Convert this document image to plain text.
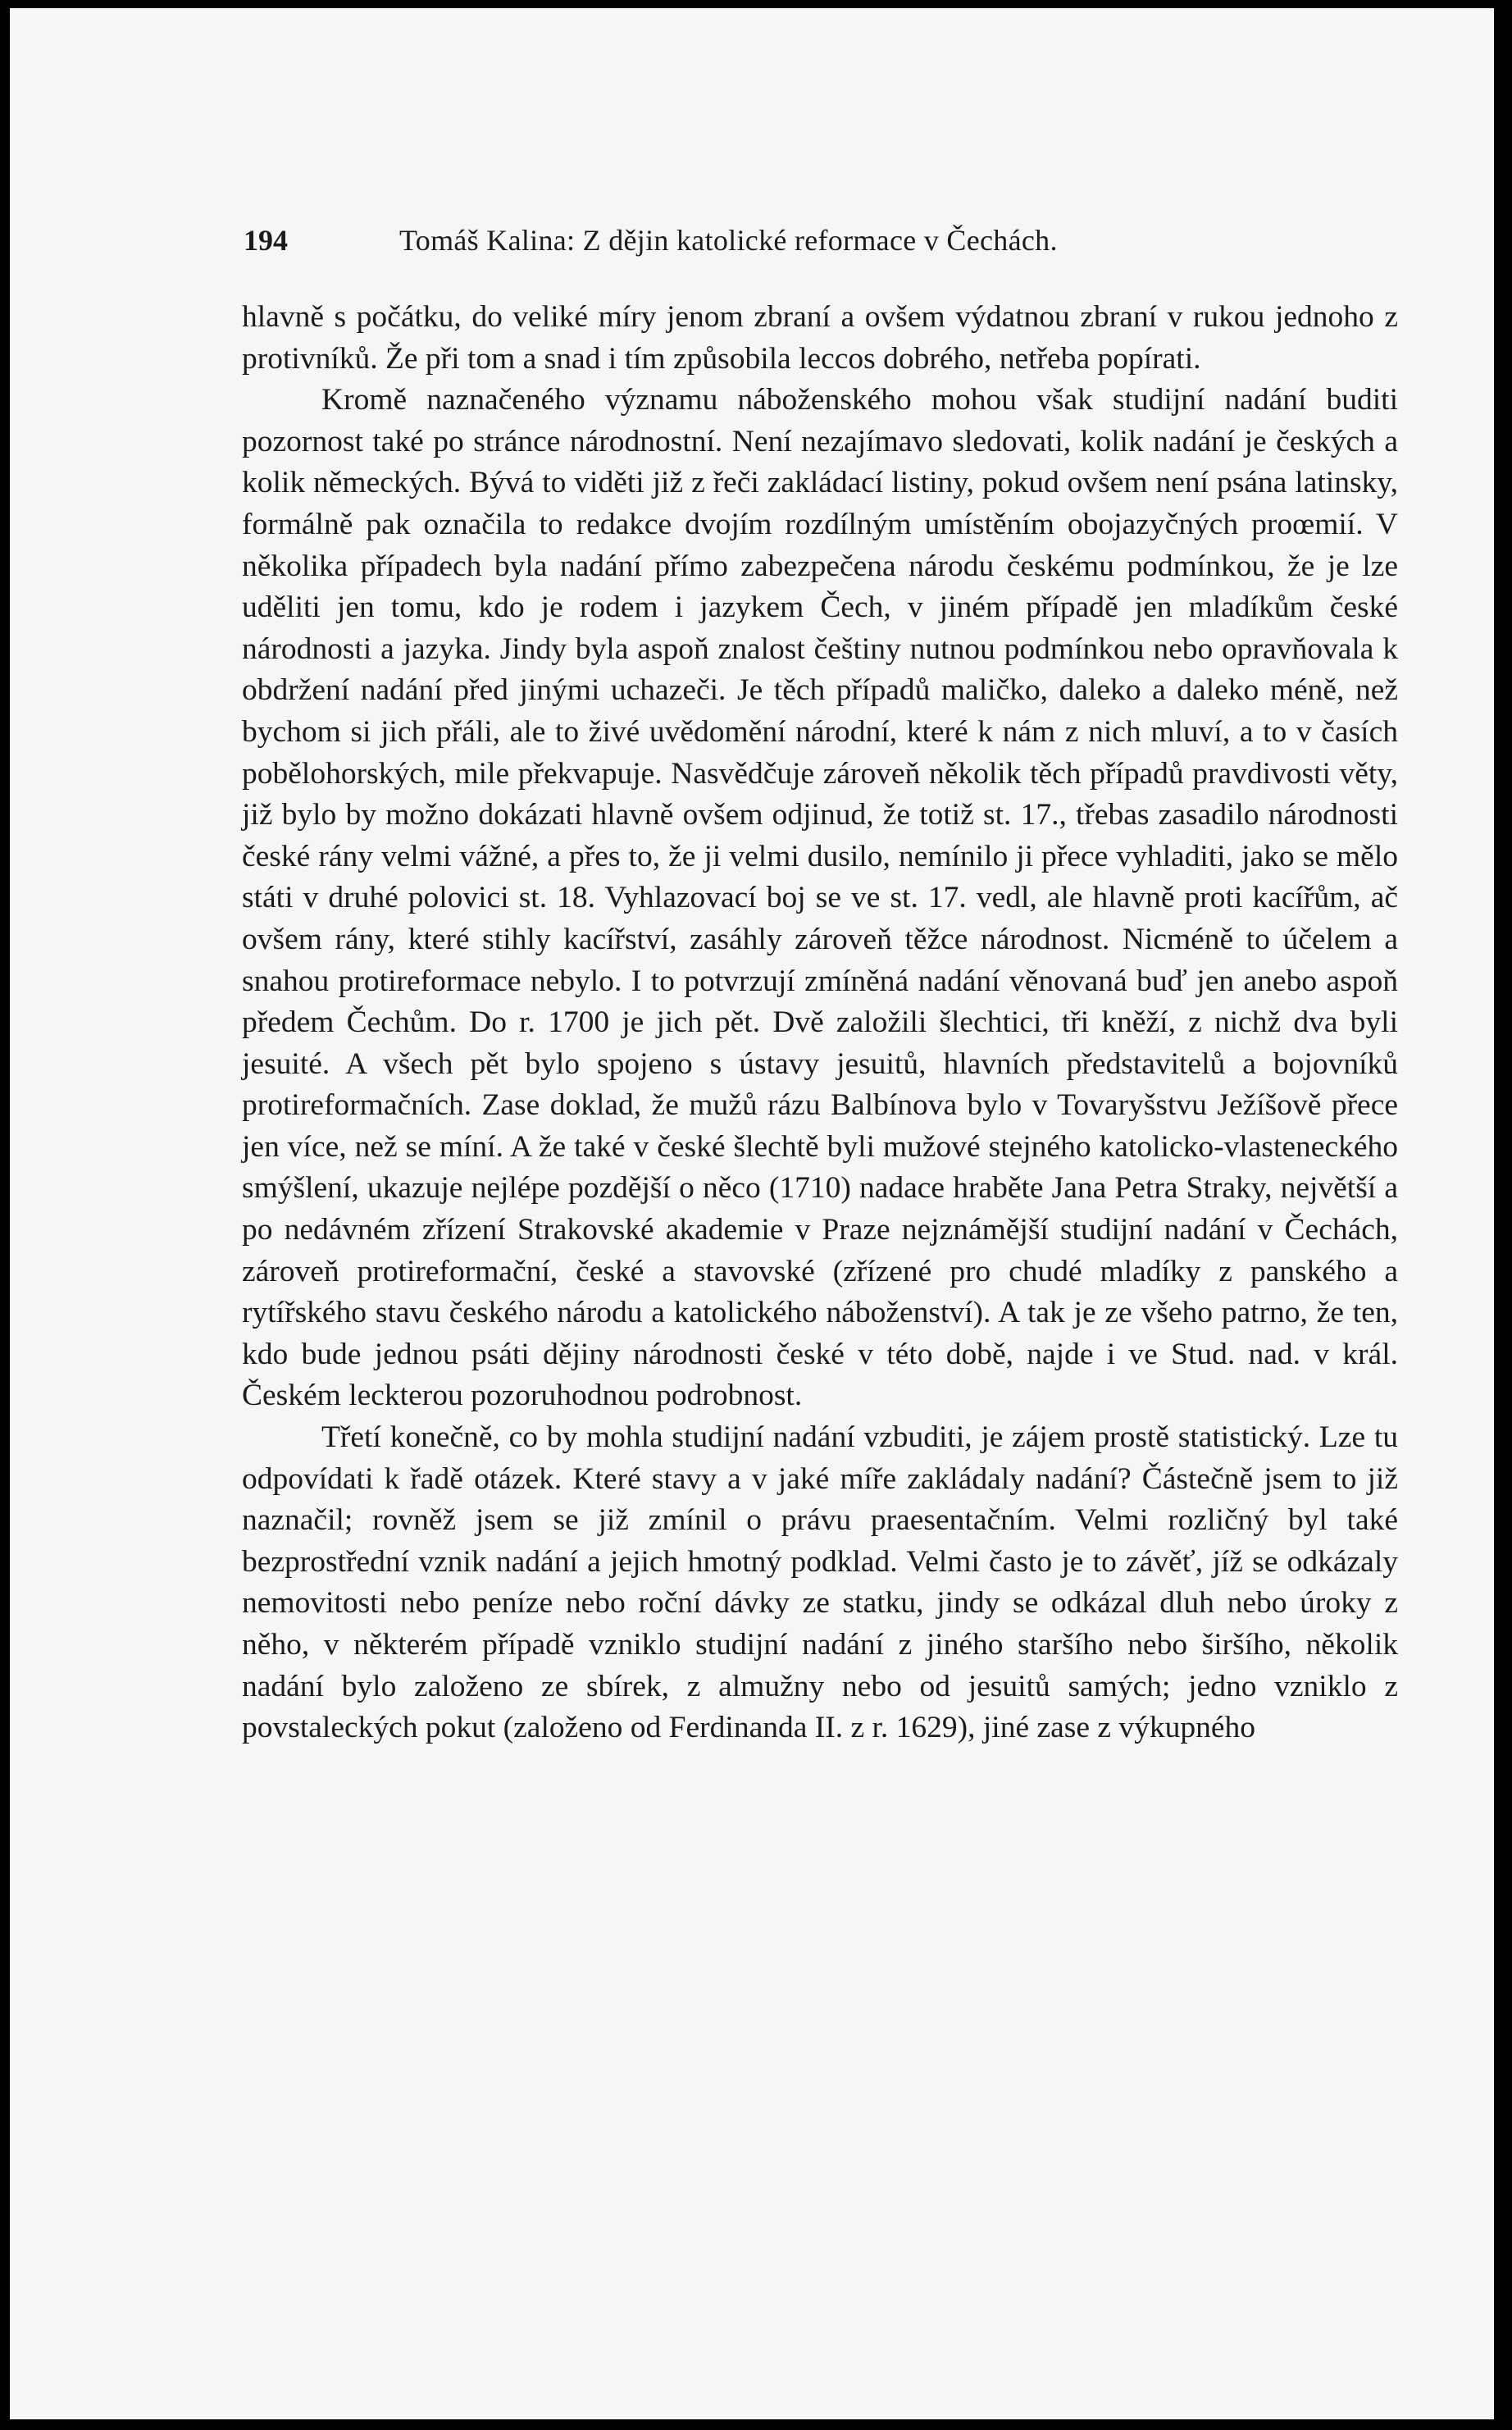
194	Tomáš Kalina: Z dějin katolické reformace v Čechách.

hlavně s počátku, do veliké míry jenom zbraní a ovšem výdatnou zbraní v rukou jednoho z protivníků. Že při tom a snad i tím způsobila leccos dobrého, netřeba popírati.

Kromě naznačeného významu náboženského mohou však studijní nadání buditi pozornost také po stránce národnostní. Není nezajímavo sledovati, kolik nadání je českých a kolik německých. Bývá to viděti již z řeči zakládací listiny, pokud ovšem není psána latinsky, formálně pak označila to redakce dvojím rozdílným umístěním obojazyčných proœmií. V několika případech byla nadání přímo zabezpečena národu českému podmínkou, že je lze uděliti jen tomu, kdo je rodem i jazykem Čech, v jiném případě jen mladíkům české národnosti a jazyka. Jindy byla aspoň znalost češtiny nutnou podmínkou nebo opravňovala k obdržení nadání před jinými uchazeči. Je těch případů maličko, daleko a daleko méně, než bychom si jich přáli, ale to živé uvědomění národní, které k nám z nich mluví, a to v časích pobělohorských, mile překvapuje. Nasvědčuje zároveň několik těch případů pravdivosti věty, již bylo by možno dokázati hlavně ovšem odjinud, že totiž st. 17., třebas zasadilo národnosti české rány velmi vážné, a přes to, že ji velmi dusilo, nemínilo ji přece vyhladiti, jako se mělo státi v druhé polovici st. 18. Vyhlazovací boj se ve st. 17. vedl, ale hlavně proti kacířům, ač ovšem rány, které stihly kacířství, zasáhly zároveň těžce národnost. Nicméně to účelem a snahou protireformace nebylo. I to potvrzují zmíněná nadání věnovaná buď jen anebo aspoň předem Čechům. Do r. 1700 je jich pět. Dvě založili šlechtici, tři kněží, z nichž dva byli jesuité. A všech pět bylo spojeno s ústavy jesuitů, hlavních představitelů a bojovníků protireformačních. Zase doklad, že mužů rázu Balbínova bylo v Tovaryšstvu Ježíšově přece jen více, než se míní. A že také v české šlechtě byli mužové stejného katolicko-vlasteneckého smýšlení, ukazuje nejlépe pozdější o něco (1710) nadace hraběte Jana Petra Straky, největší a po nedávném zřízení Strakovské akademie v Praze nejznámější studijní nadání v Čechách, zároveň protireformační, české a stavovské (zřízené pro chudé mladíky z panského a rytířského stavu českého národu a katolického náboženství). A tak je ze všeho patrno, že ten, kdo bude jednou psáti dějiny národnosti české v této době, najde i ve Stud. nad. v král. Českém leckterou pozoruhodnou podrobnost.

Třetí konečně, co by mohla studijní nadání vzbuditi, je zájem prostě statistický. Lze tu odpovídati k řadě otázek. Které stavy a v jaké míře zakládaly nadání? Částečně jsem to již naznačil; rovněž jsem se již zmínil o právu praesentačním. Velmi rozličný byl také bezprostřední vznik nadání a jejich hmotný podklad. Velmi často je to závěť, jíž se odkázaly nemovitosti nebo peníze nebo roční dávky ze statku, jindy se odkázal dluh nebo úroky z něho, v některém případě vzniklo studijní nadání z jiného staršího nebo širšího, několik nadání bylo založeno ze sbírek, z almužny nebo od jesuitů samých; jedno vzniklo z povstaleckých pokut (založeno od Ferdinanda II. z r. 1629), jiné zase z výkupného
